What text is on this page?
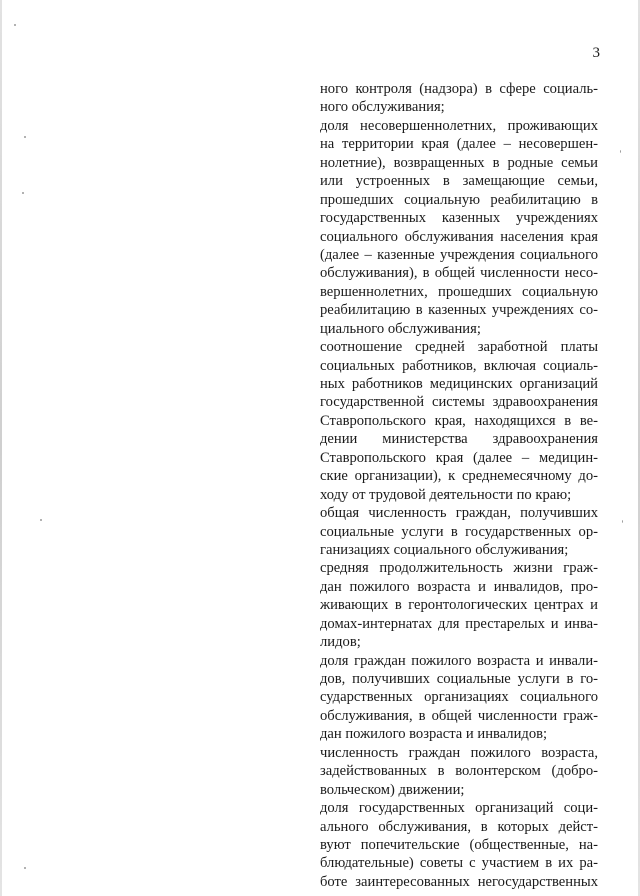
3
ного контроля (надзора) в сфере социаль-
ного обслуживания;
доля несовершеннолетних, проживающих
на территории края (далее – несовершен-
нолетние), возвращенных в родные семьи
или устроенных в замещающие семьи,
прошедших социальную реабилитацию в
государственных казенных учреждениях
социального обслуживания населения края
(далее – казенные учреждения социального
обслуживания), в общей численности несо-
вершеннолетних, прошедших социальную
реабилитацию в казенных учреждениях со-
циального обслуживания;
соотношение средней заработной платы
социальных работников, включая социаль-
ных работников медицинских организаций
государственной системы здравоохранения
Ставропольского края, находящихся в ве-
дении министерства здравоохранения
Ставропольского края (далее – медицин-
ские организации), к среднемесячному до-
ходу от трудовой деятельности по краю;
общая численность граждан, получивших
социальные услуги в государственных ор-
ганизациях социального обслуживания;
средняя продолжительность жизни граж-
дан пожилого возраста и инвалидов, про-
живающих в геронтологических центрах и
домах-интернатах для престарелых и инва-
лидов;
доля граждан пожилого возраста и инвали-
дов, получивших социальные услуги в го-
сударственных организациях социального
обслуживания, в общей численности граж-
дан пожилого возраста и инвалидов;
численность граждан пожилого возраста,
задействованных в волонтерском (добро-
вольческом) движении;
доля государственных организаций соци-
ального обслуживания, в которых дейст-
вуют попечительские (общественные, на-
блюдательные) советы с участием в их ра-
боте заинтересованных негосударственных
